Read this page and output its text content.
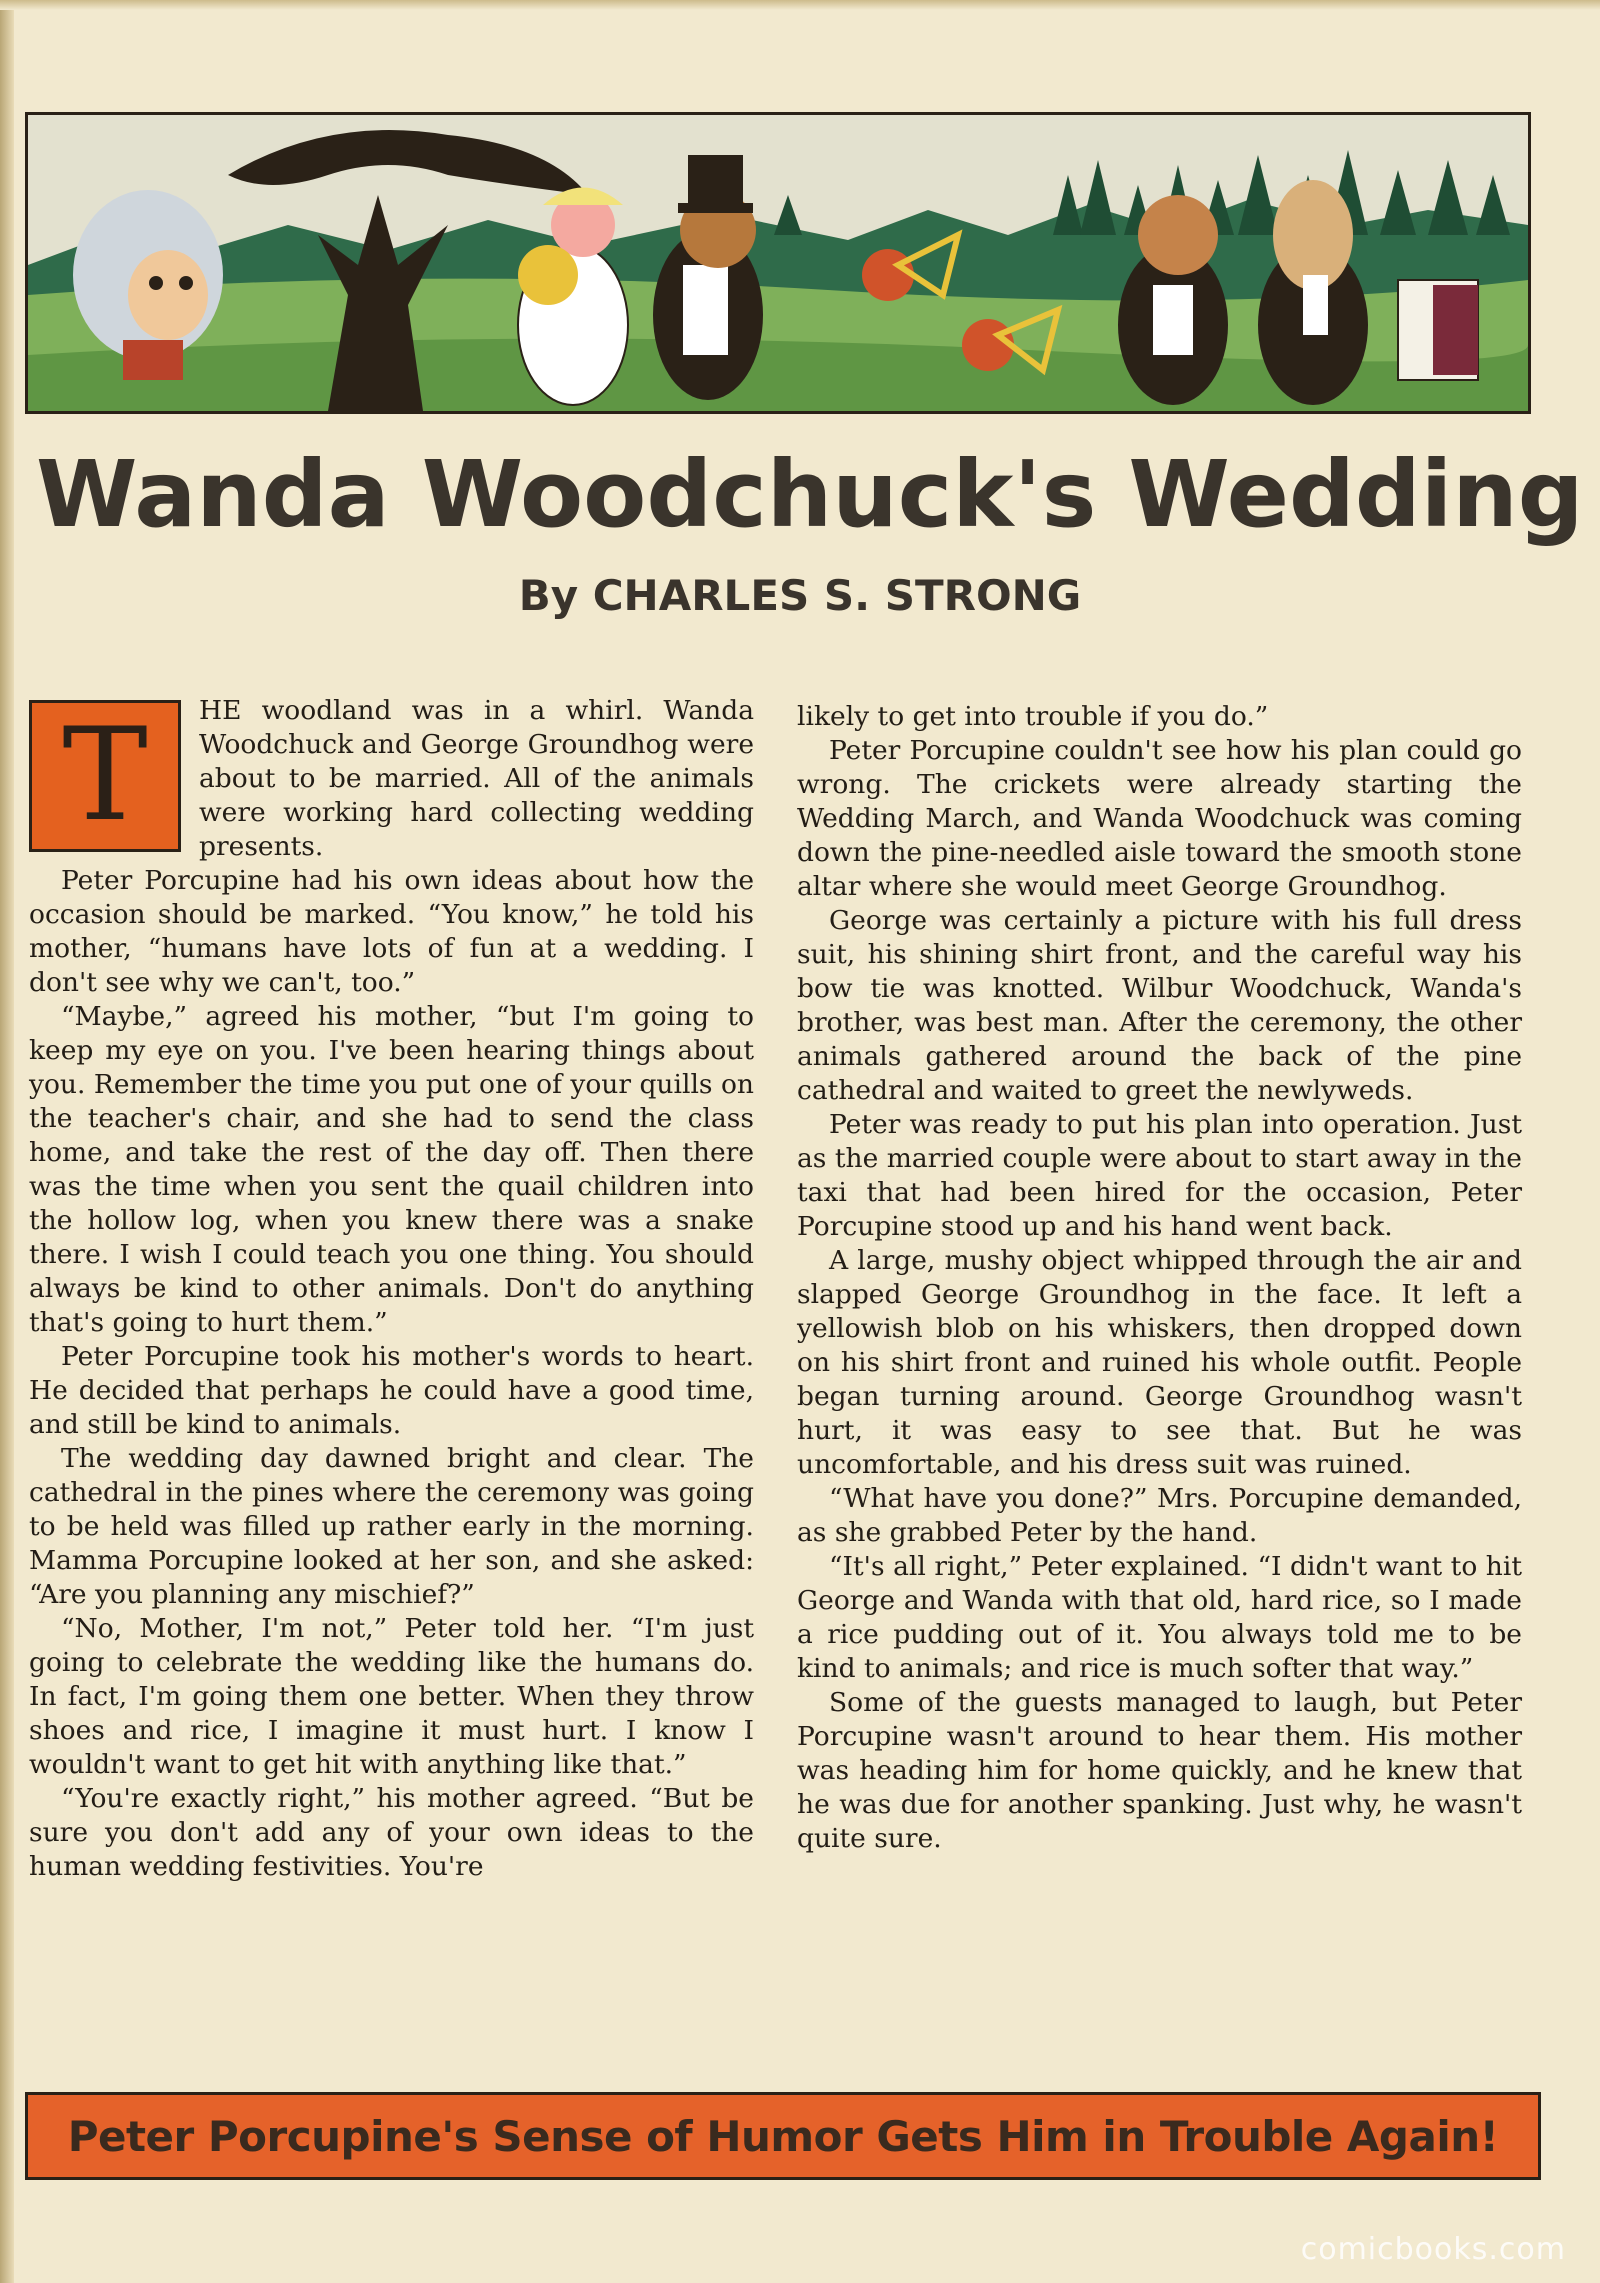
Wanda Woodchuck's Wedding
By CHARLES S. STRONG
T	HE woodland was in a whirl. Wanda Woodchuck and George Groundhog were about to be married. All of the animals were working hard collecting wedding presents.

Peter Porcupine had his own ideas about how the occasion should be marked. “You know,” he told his mother, “humans have lots of fun at a wedding. I don't see why we can't, too.”

“Maybe,” agreed his mother, “but I'm going to keep my eye on you. I've been hearing things about you. Remember the time you put one of your quills on the teacher's chair, and she had to send the class home, and take the rest of the day off. Then there was the time when you sent the quail children into the hollow log, when you knew there was a snake there. I wish I could teach you one thing. You should always be kind to other animals. Don't do anything that's going to hurt them.”

Peter Porcupine took his mother's words to heart. He decided that perhaps he could have a good time, and still be kind to animals.

The wedding day dawned bright and clear. The cathedral in the pines where the ceremony was going to be held was filled up rather early in the morning. Mamma Porcupine looked at her son, and she asked: “Are you planning any mischief?”

“No, Mother, I'm not,” Peter told her. “I'm just going to celebrate the wedding like the humans do. In fact, I'm going them one better. When they throw shoes and rice, I imagine it must hurt. I know I wouldn't want to get hit with anything like that.”

“You're exactly right,” his mother agreed. “But be sure you don't add any of your own ideas to the human wedding festivities. You're

likely to get into trouble if you do.”

Peter Porcupine couldn't see how his plan could go wrong. The crickets were already starting the Wedding March, and Wanda Woodchuck was coming down the pine-needled aisle toward the smooth stone altar where she would meet George Groundhog.

George was certainly a picture with his full dress suit, his shining shirt front, and the careful way his bow tie was knotted. Wilbur Woodchuck, Wanda's brother, was best man. After the ceremony, the other animals gathered around the back of the pine cathedral and waited to greet the newlyweds.

Peter was ready to put his plan into operation. Just as the married couple were about to start away in the taxi that had been hired for the occasion, Peter Porcupine stood up and his hand went back.

A large, mushy object whipped through the air and slapped George Groundhog in the face. It left a yellowish blob on his whiskers, then dropped down on his shirt front and ruined his whole outfit. People began turning around. George Groundhog wasn't hurt, it was easy to see that. But he was uncomfortable, and his dress suit was ruined.

“What have you done?” Mrs. Porcupine demanded, as she grabbed Peter by the hand.

“It's all right,” Peter explained. “I didn't want to hit George and Wanda with that old, hard rice, so I made a rice pudding out of it. You always told me to be kind to animals; and rice is much softer that way.”

Some of the guests managed to laugh, but Peter Porcupine wasn't around to hear them. His mother was heading him for home quickly, and he knew that he was due for another spanking. Just why, he wasn't quite sure.

Peter Porcupine's Sense of Humor Gets Him in Trouble Again!
comicbooks.com
